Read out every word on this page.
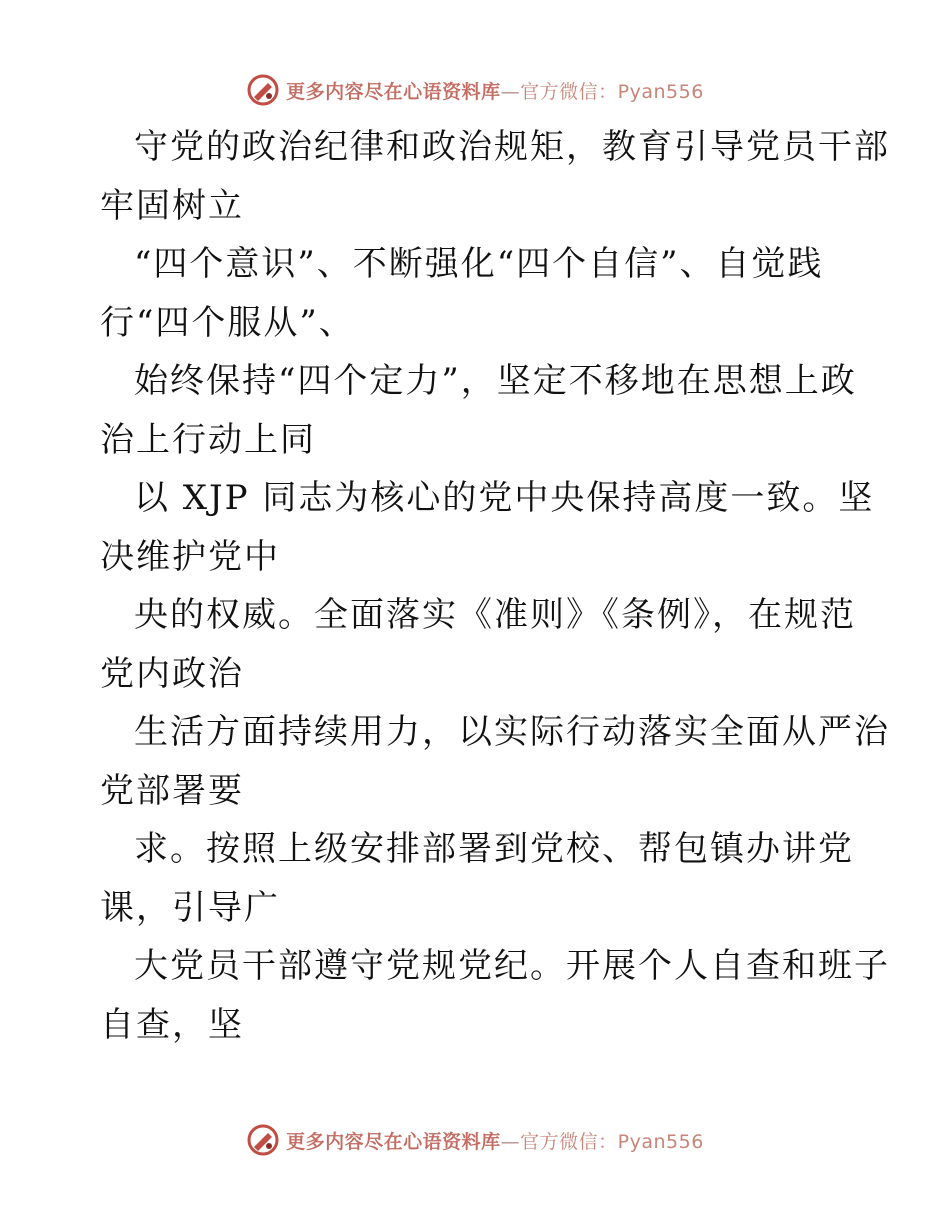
更多内容尽在心语资料库—官方微信：Pyan556
守党的政治纪律和政治规矩，教育引导党员干部
牢固树立
“四个意识”、不断强化“四个自信”、自觉践
行“四个服从”、
始终保持“四个定力”，坚定不移地在思想上政
治上行动上同
以 XJP 同志为核心的党中央保持高度一致。坚
决维护党中
央的权威。全面落实《准则》《条例》，在规范
党内政治
生活方面持续用力，以实际行动落实全面从严治
党部署要
求。按照上级安排部署到党校、帮包镇办讲党
课，引导广
大党员干部遵守党规党纪。开展个人自查和班子
自查，坚
更多内容尽在心语资料库—官方微信：Pyan556
